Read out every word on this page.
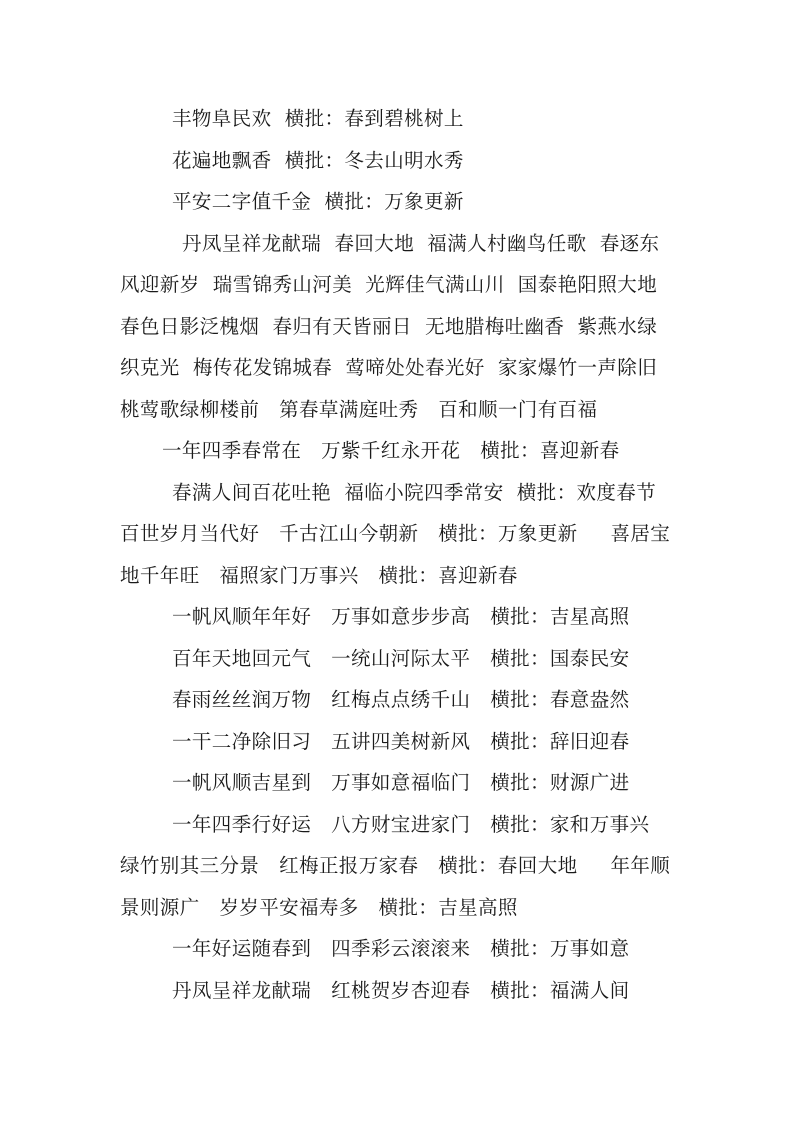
丰物阜民欢  横批：春到碧桃树上
花遍地飘香  横批：冬去山明水秀
平安二字值千金  横批：万象更新
丹凤呈祥龙献瑞  春回大地  福满人村幽鸟任歌  春逐东
风迎新岁  瑞雪锦秀山河美  光辉佳气满山川  国泰艳阳照大地
春色日影泛槐烟  春归有天皆丽日  无地腊梅吐幽香  紫燕水绿
织克光  梅传花发锦城春  莺啼处处春光好  家家爆竹一声除旧
桃莺歌绿柳楼前   第春草满庭吐秀   百和顺一门有百福
一年四季春常在   万紫千红永开花   横批：喜迎新春
春满人间百花吐艳  福临小院四季常安  横批：欢度春节
百世岁月当代好   千古江山今朝新   横批：万象更新     喜居宝
地千年旺   福照家门万事兴   横批：喜迎新春
一帆风顺年年好   万事如意步步高   横批：吉星高照
百年天地回元气   一统山河际太平   横批：国泰民安
春雨丝丝润万物   红梅点点绣千山   横批：春意盎然
一干二净除旧习   五讲四美树新风   横批：辞旧迎春
一帆风顺吉星到   万事如意福临门   横批：财源广进
一年四季行好运   八方财宝进家门   横批：家和万事兴
绿竹别其三分景   红梅正报万家春   横批：春回大地     年年顺
景则源广   岁岁平安福寿多   横批：吉星高照
一年好运随春到   四季彩云滚滚来   横批：万事如意
丹凤呈祥龙献瑞   红桃贺岁杏迎春   横批：福满人间
